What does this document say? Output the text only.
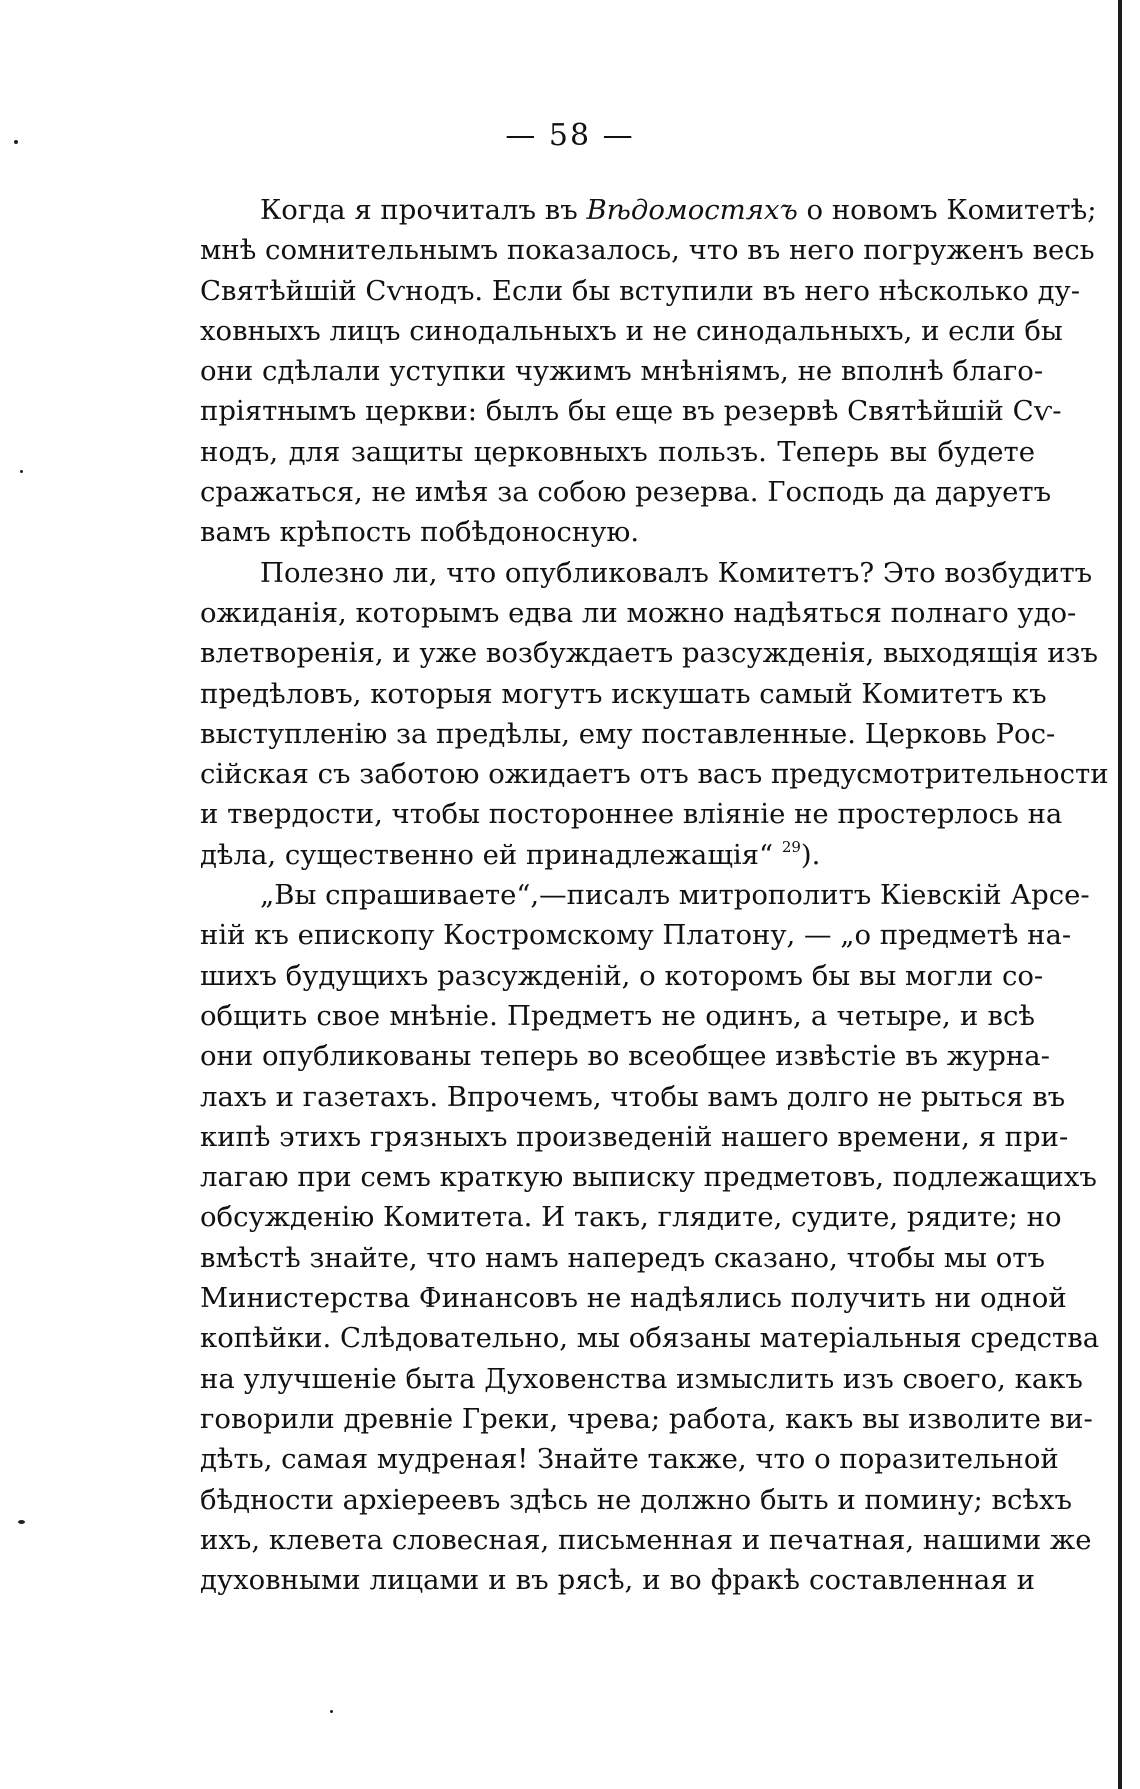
— 58 —
Когда я прочиталъ въ Вѣдомостяхъ о новомъ Комитетѣ;
мнѣ сомнительнымъ показалось, что въ него погруженъ весь
Святѣйшій Сѵнодъ. Если бы вступили въ него нѣсколько ду-
ховныхъ лицъ синодальныхъ и не синодальныхъ, и если бы
они сдѣлали уступки чужимъ мнѣніямъ, не вполнѣ благо-
пріятнымъ церкви: былъ бы еще въ резервѣ Святѣйшій Сѵ-
нодъ, для защиты церковныхъ пользъ. Теперь вы будете
сражаться, не имѣя за собою резерва. Господь да даруетъ
вамъ крѣпость побѣдоносную.
Полезно ли, что опубликовалъ Комитетъ? Это возбудитъ
ожиданія, которымъ едва ли можно надѣяться полнаго удо-
влетворенія, и уже возбуждаетъ разсужденія, выходящія изъ
предѣловъ, которыя могутъ искушать самый Комитетъ къ
выступленію за предѣлы, ему поставленные. Церковь Рос-
сійская съ заботою ожидаетъ отъ васъ предусмотрительности
и твердости, чтобы постороннее вліяніе не простерлось на
дѣла, существенно ей принадлежащія“ $^{29}$).
„Вы спрашиваете“,—писалъ митрополитъ Кіевскій Арсе-
ній къ епископу Костромскому Платону, — „о предметѣ на-
шихъ будущихъ разсужденій, о которомъ бы вы могли со-
общить свое мнѣніе. Предметъ не одинъ, а четыре, и всѣ
они опубликованы теперь во всеобщее извѣстіе въ журна-
лахъ и газетахъ. Впрочемъ, чтобы вамъ долго не рыться въ
кипѣ этихъ грязныхъ произведеній нашего времени, я при-
лагаю при семъ краткую выписку предметовъ, подлежащихъ
обсужденію Комитета. И такъ, глядите, судите, рядите; но
вмѣстѣ знайте, что намъ напередъ сказано, чтобы мы отъ
Министерства Финансовъ не надѣялись получить ни одной
копѣйки. Слѣдовательно, мы обязаны матеріальныя средства
на улучшеніе быта Духовенства измыслить изъ своего, какъ
говорили древніе Греки, чрева; работа, какъ вы изволите ви-
дѣть, самая мудреная! Знайте также, что о поразительной
бѣдности архіереевъ здѣсь не должно быть и помину; всѣхъ
ихъ, клевета словесная, письменная и печатная, нашими же
духовными лицами и въ рясѣ, и во фракѣ составленная и
